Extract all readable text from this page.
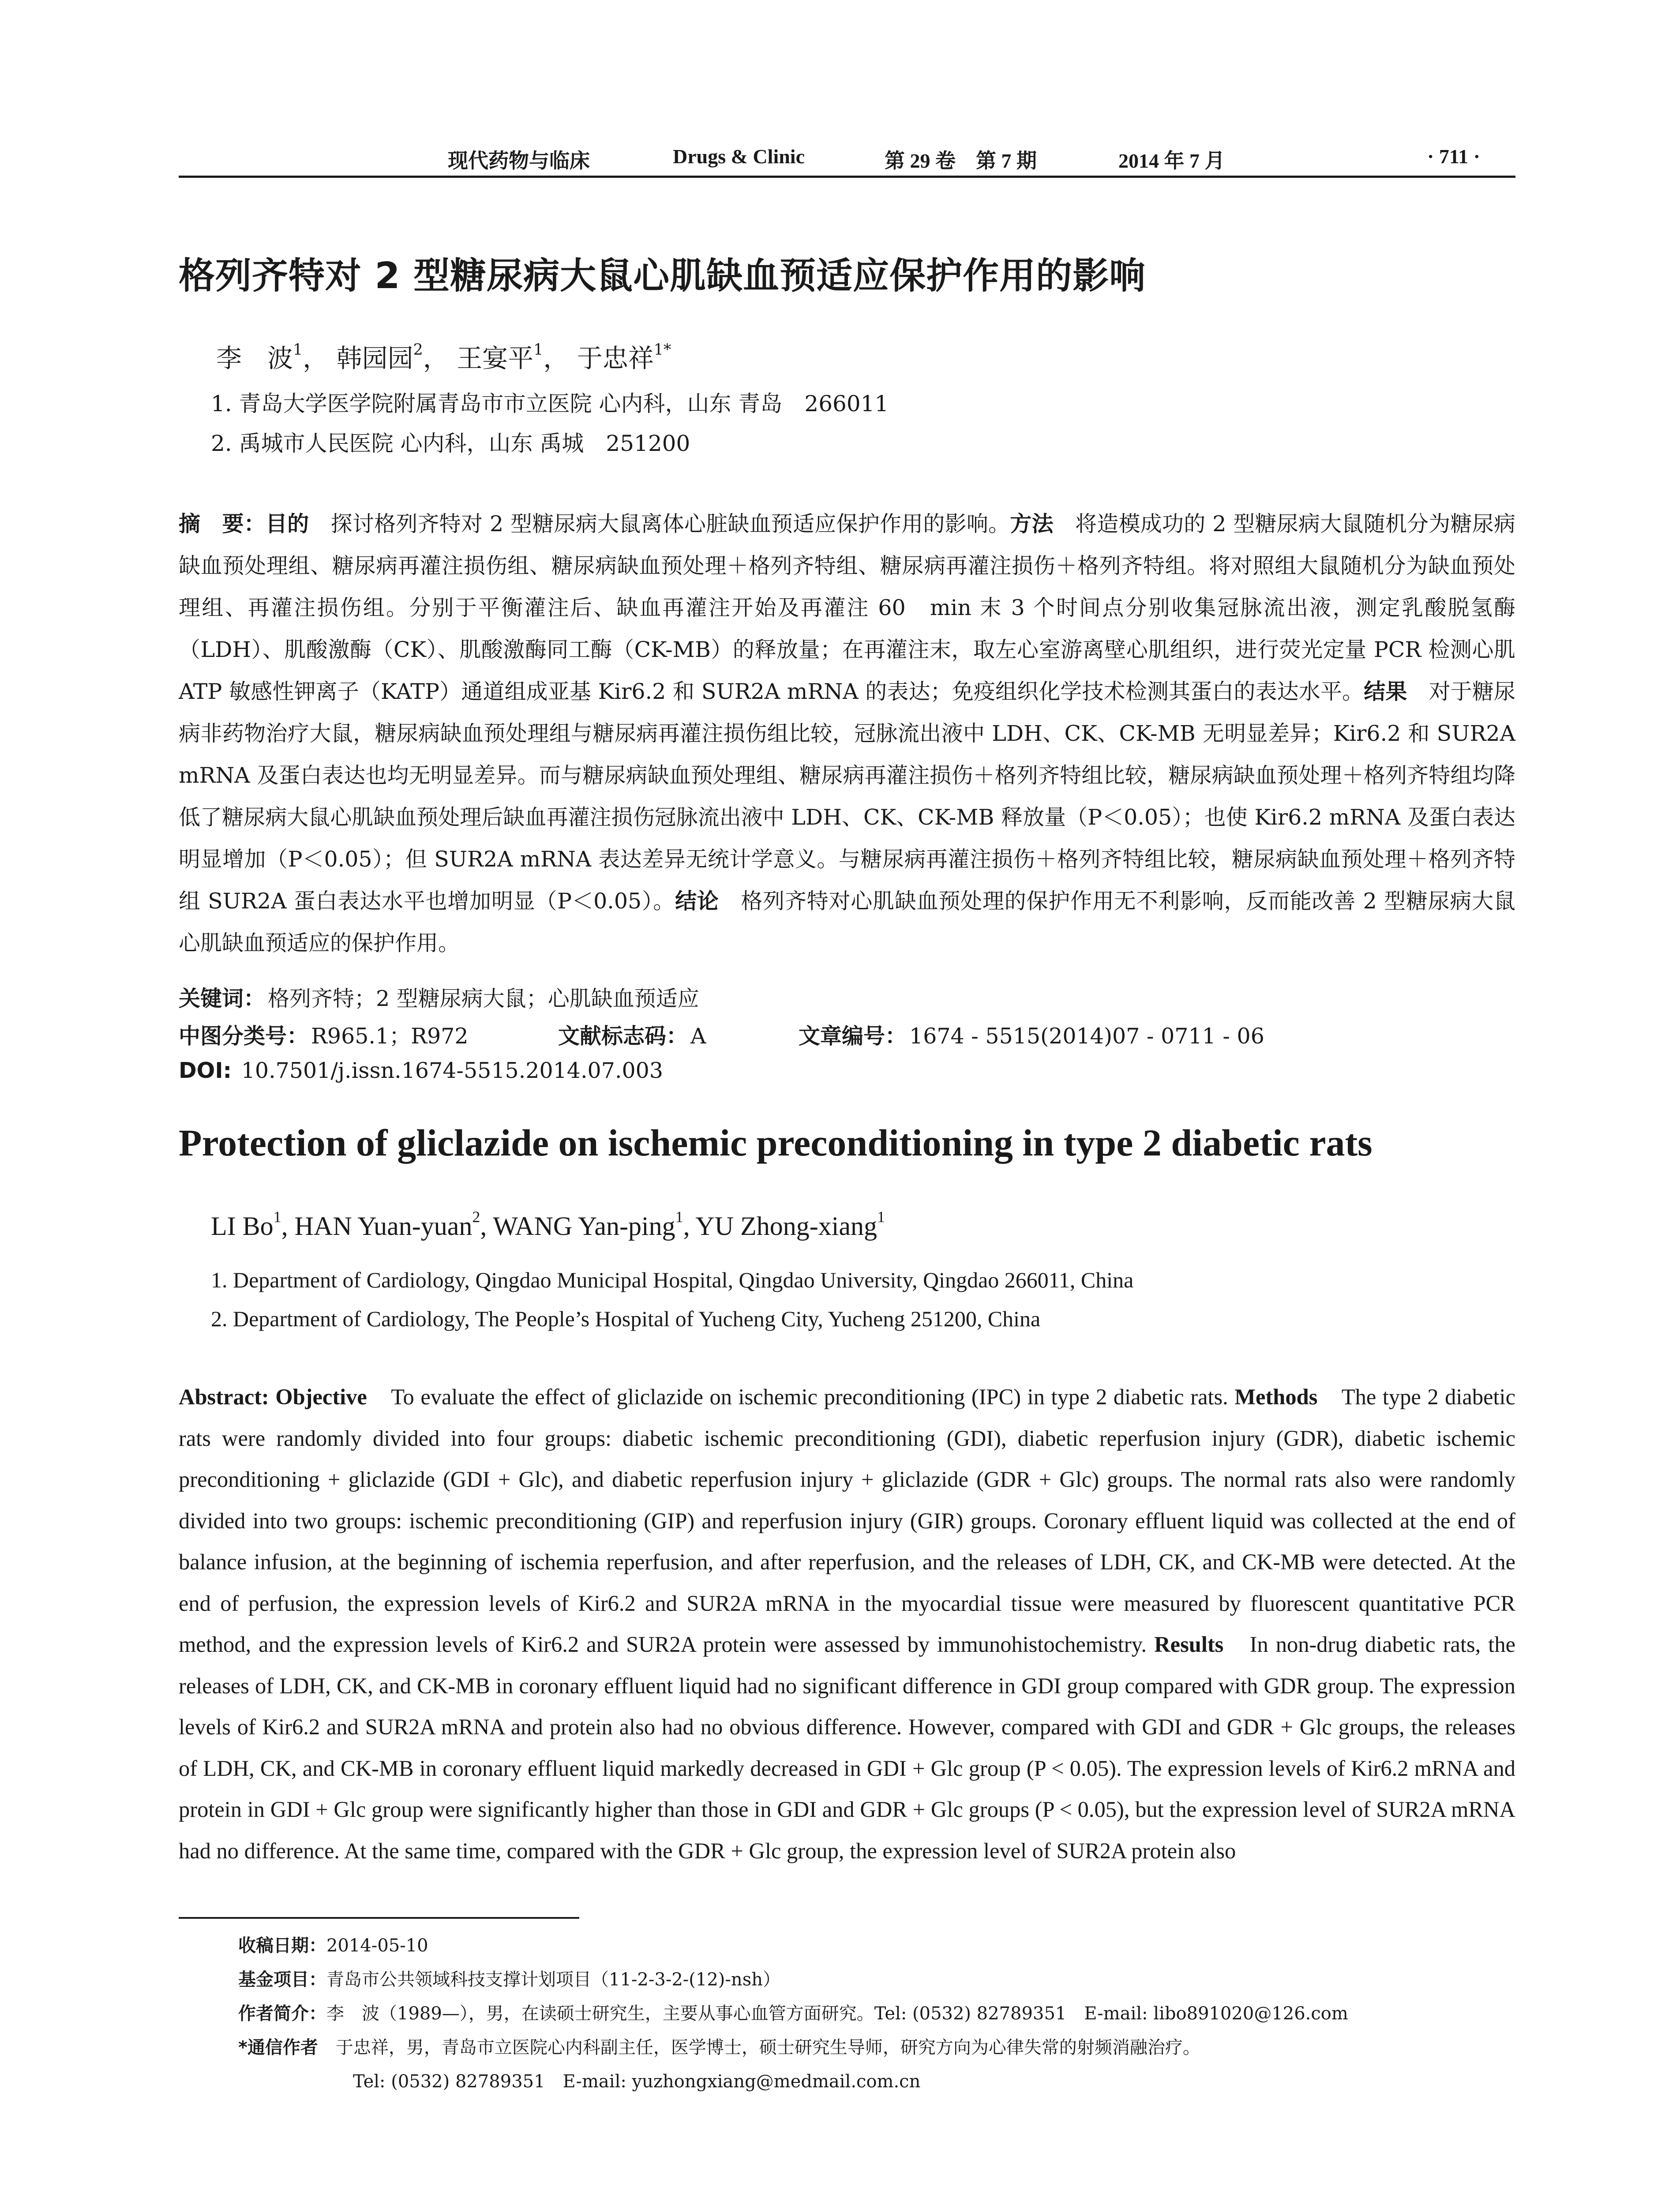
现代药物与临床	Drugs & Clinic	第 29 卷　第 7 期	2014 年 7 月	· 711 ·
格列齐特对 2 型糖尿病大鼠心肌缺血预适应保护作用的影响
李　波$^1$， 韩园园$^2$， 王宴平$^1$， 于忠祥$^{1*}$
1. 青岛大学医学院附属青岛市市立医院 心内科，山东 青岛　266011
2. 禹城市人民医院 心内科，山东 禹城　251200
摘　要：目的　探讨格列齐特对 2 型糖尿病大鼠离体心脏缺血预适应保护作用的影响。方法　将造模成功的 2 型糖尿病大鼠随机分为糖尿病缺血预处理组、糖尿病再灌注损伤组、糖尿病缺血预处理＋格列齐特组、糖尿病再灌注损伤＋格列齐特组。将对照组大鼠随机分为缺血预处理组、再灌注损伤组。分别于平衡灌注后、缺血再灌注开始及再灌注 60　min 末 3 个时间点分别收集冠脉流出液，测定乳酸脱氢酶（LDH）、肌酸激酶（CK）、肌酸激酶同工酶（CK-MB）的释放量；在再灌注末，取左心室游离壁心肌组织，进行荧光定量 PCR 检测心肌 ATP 敏感性钾离子（KATP）通道组成亚基 Kir6.2 和 SUR2A mRNA 的表达；免疫组织化学技术检测其蛋白的表达水平。结果　对于糖尿病非药物治疗大鼠，糖尿病缺血预处理组与糖尿病再灌注损伤组比较，冠脉流出液中 LDH、CK、CK-MB 无明显差异；Kir6.2 和 SUR2A mRNA 及蛋白表达也均无明显差异。而与糖尿病缺血预处理组、糖尿病再灌注损伤＋格列齐特组比较，糖尿病缺血预处理＋格列齐特组均降低了糖尿病大鼠心肌缺血预处理后缺血再灌注损伤冠脉流出液中 LDH、CK、CK-MB 释放量（P＜0.05）；也使 Kir6.2 mRNA 及蛋白表达明显增加（P＜0.05）；但 SUR2A mRNA 表达差异无统计学意义。与糖尿病再灌注损伤＋格列齐特组比较，糖尿病缺血预处理＋格列齐特组 SUR2A 蛋白表达水平也增加明显（P＜0.05）。结论　格列齐特对心肌缺血预处理的保护作用无不利影响，反而能改善 2 型糖尿病大鼠心肌缺血预适应的保护作用。
关键词： 格列齐特；2 型糖尿病大鼠；心肌缺血预适应
中图分类号： R965.1；R972	文献标志码： A	文章编号： 1674 - 5515(2014)07 - 0711 - 06
DOI: 10.7501/j.issn.1674-5515.2014.07.003
Protection of gliclazide on ischemic preconditioning in type 2 diabetic rats
LI Bo$^1$, HAN Yuan-yuan$^2$, WANG Yan-ping$^1$, YU Zhong-xiang$^1$
1. Department of Cardiology, Qingdao Municipal Hospital, Qingdao University, Qingdao 266011, China
2. Department of Cardiology, The People’s Hospital of Yucheng City, Yucheng 251200, China
Abstract: Objective　To evaluate the effect of gliclazide on ischemic preconditioning (IPC) in type 2 diabetic rats. Methods　The type 2 diabetic rats were randomly divided into four groups: diabetic ischemic preconditioning (GDI), diabetic reperfusion injury (GDR), diabetic ischemic preconditioning + gliclazide (GDI + Glc), and diabetic reperfusion injury + gliclazide (GDR + Glc) groups. The normal rats also were randomly divided into two groups: ischemic preconditioning (GIP) and reperfusion injury (GIR) groups. Coronary effluent liquid was collected at the end of balance infusion, at the beginning of ischemia reperfusion, and after reperfusion, and the releases of LDH, CK, and CK-MB were detected. At the end of perfusion, the expression levels of Kir6.2 and SUR2A mRNA in the myocardial tissue were measured by fluorescent quantitative PCR method, and the expression levels of Kir6.2 and SUR2A protein were assessed by immunohistochemistry. Results　In non-drug diabetic rats, the releases of LDH, CK, and CK-MB in coronary effluent liquid had no significant difference in GDI group compared with GDR group. The expression levels of Kir6.2 and SUR2A mRNA and protein also had no obvious difference. However, compared with GDI and GDR + Glc groups, the releases of LDH, CK, and CK-MB in coronary effluent liquid markedly decreased in GDI + Glc group (P < 0.05). The expression levels of Kir6.2 mRNA and protein in GDI + Glc group were significantly higher than those in GDI and GDR + Glc groups (P < 0.05), but the expression level of SUR2A mRNA had no difference. At the same time, compared with the GDR + Glc group, the expression level of SUR2A protein also
收稿日期：2014-05-10
基金项目：青岛市公共领域科技支撑计划项目（11-2-3-2-(12)-nsh）
作者简介：李　波（1989—），男，在读硕士研究生，主要从事心血管方面研究。Tel: (0532) 82789351　E-mail: libo891020@126.com
*通信作者　于忠祥，男，青岛市立医院心内科副主任，医学博士，硕士研究生导师，研究方向为心律失常的射频消融治疗。
Tel: (0532) 82789351　E-mail: yuzhongxiang@medmail.com.cn
